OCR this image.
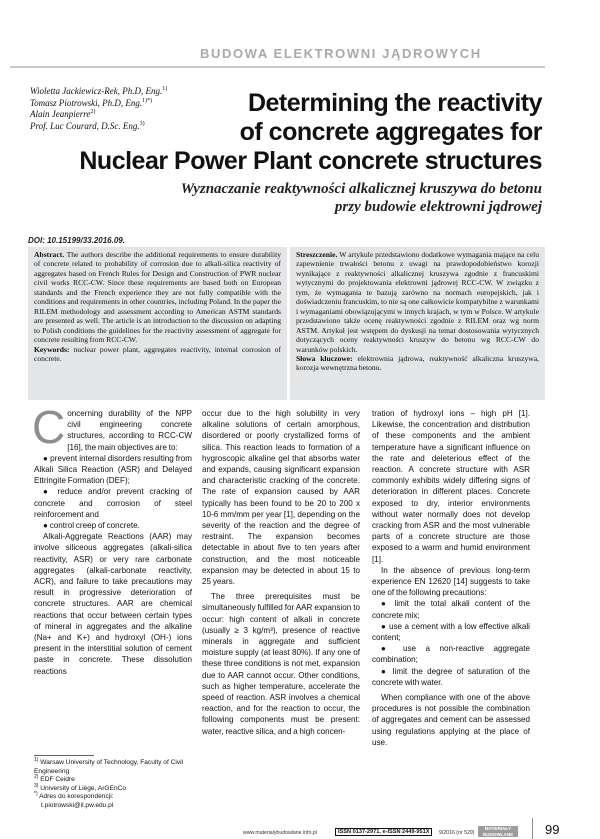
BUDOWA ELEKTROWNI JĄDROWYCH
Wioletta Jackiewicz-Rek, Ph.D, Eng.$^{1)}$
Tomasz Piotrowski, Ph.D, Eng.$^{1)*)}$
Alain Jeanpierre$^{2)}$
Prof. Luc Courard, D.Sc. Eng.$^{3)}$
Determining the reactivity
of concrete aggregates for
Nuclear Power Plant concrete structures
Wyznaczanie reaktywności alkalicznej kruszywa do betonu
przy budowie elektrowni jądrowej
DOI: 10.15199/33.2016.09.
Abstract. The authors describe the additional requirements to ensure durability of concrete related to probability of corrosion due to alkali-silica reactivity of aggregates based on French Rules for Design and Construction of PWR nuclear civil works RCC-CW. Since these requirements are based both on European standards and the French experience they are not fully compatible with the conditions and requirements in other countries, including Poland. In the paper the RILEM methodology and assessment according to American ASTM standards are presented as well. The article is an introduction to the discussion on adapting to Polish conditions the guidelines for the reactivity assessment of aggregate for concrete resulting from RCC-CW.
Keywords: nuclear power plant, aggregates reactivity, internal corrosion of concrete.
Streszczenie. W artykule przedstawiono dodatkowe wymagania mające na celu zapewnienie trwałości betonu z uwagi na prawdopodobieństwo korozji wynikające z reaktywności alkalicznej kruszywa zgodnie z francuskimi wytycznymi do projektowania elektrowni jądrowej RCC-CW. W związku z tym, że wymagania te bazują zarówno na normach europejskich, jak i doświadczeniu francuskim, to nie są one całkowicie kompatybilne z warunkami i wymaganiami obowiązującymi w innych krajach, w tym w Polsce. W artykule przedstawiono także ocenę reaktywności zgodnie z RILEM oraz wg norm ASTM. Artykuł jest wstępem do dyskusji na temat dostosowania wytycznych dotyczących oceny reaktywności kruszyw do betonu wg RCC-CW do warunków polskich.
Słowa kluczowe: elektrownia jądrowa, reaktywność alkaliczna kruszywa, korozja wewnętrzna betonu.
C oncerning durability of the NPP civil engineering concrete structures, according to RCC-CW [16], the main objectives are to:

● prevent internal disorders resulting from Alkali Silica Reaction (ASR) and Delayed Ettringite Formation (DEF);

● reduce and/or prevent cracking of concrete and corrosion of steel reinforcement and

● control creep of concrete.

Alkali-Aggregate Reactions (AAR) may involve siliceous aggregates (alkali-silica reactivity, ASR) or very rare carbonate aggregates (alkali-carbonate reactivity, ACR), and failure to take precautions may result in progressive deterioration of concrete structures. AAR are chemical reactions that occur between certain types of mineral in aggregates and the alkaline (Na+ and K+) and hydroxyl (OH-) ions present in the interstitial solution of cement paste in concrete. These dissolution reactions

occur due to the high solubility in very alkaline solutions of certain amorphous, disordered or poorly crystallized forms of silica. This reaction leads to formation of a hygroscopic alkaline gel that absorbs water and expands, causing significant expansion and characteristic cracking of the concrete. The rate of expansion caused by AAR typically has been found to be 20 to 200 x 10-6 mm/mm per year [1], depending on the severity of the reaction and the degree of restraint. The expansion becomes detectable in about five to ten years after construction, and the most noticeable expansion may be detected in about 15 to 25 years.

The three prerequisites must be simultaneously fulfilled for AAR expansion to occur: high content of alkali in concrete (usually ≥ 3 kg/m³), presence of reactive minerals in aggregate and sufficient moisture supply (at least 80%). If any one of these three conditions is not met, expansion due to AAR cannot occur. Other conditions, such as higher temperature, accelerate the speed of reaction. ASR involves a chemical reaction, and for the reaction to occur, the following components must be present: water, reactive silica, and a high concen-

tration of hydroxyl ions – high pH [1]. Likewise, the concentration and distribution of these components and the ambient temperature have a significant influence on the rate and deleterious effect of the reaction. A concrete structure with ASR commonly exhibits widely differing signs of deterioration in different places. Concrete exposed to dry, interior environments without water normally does not develop cracking from ASR and the most vulnerable parts of a concrete structure are those exposed to a warm and humid environment [1].

In the absence of previous long-term experience EN 12620 [14] suggests to take one of the following precautions:

● limit the total alkali content of the concrete mix;

● use a cement with a low effective alkali content;

● use a non-reactive aggregate combination;

● limit the degree of saturation of the concrete with water.

When compliance with one of the above procedures is not possible the combination of aggregates and cement can be assessed using regulations applying at the place of use.

$^{1)}$ Warsaw University of Technology, Faculty of Civil Engineering
$^{2)}$ EDF Ceidre
$^{3)}$ University of Liège, ArGEnCo
*) Adres do korespondencji:
t.piotrowski@il.pw.edu.pl
www.materialybudowlane.info.pl	ISSN 0137-2971, e-ISSN 2449-951X	9/2016 (nr 529)
MATERIAŁY
BUDOWLANE	99
